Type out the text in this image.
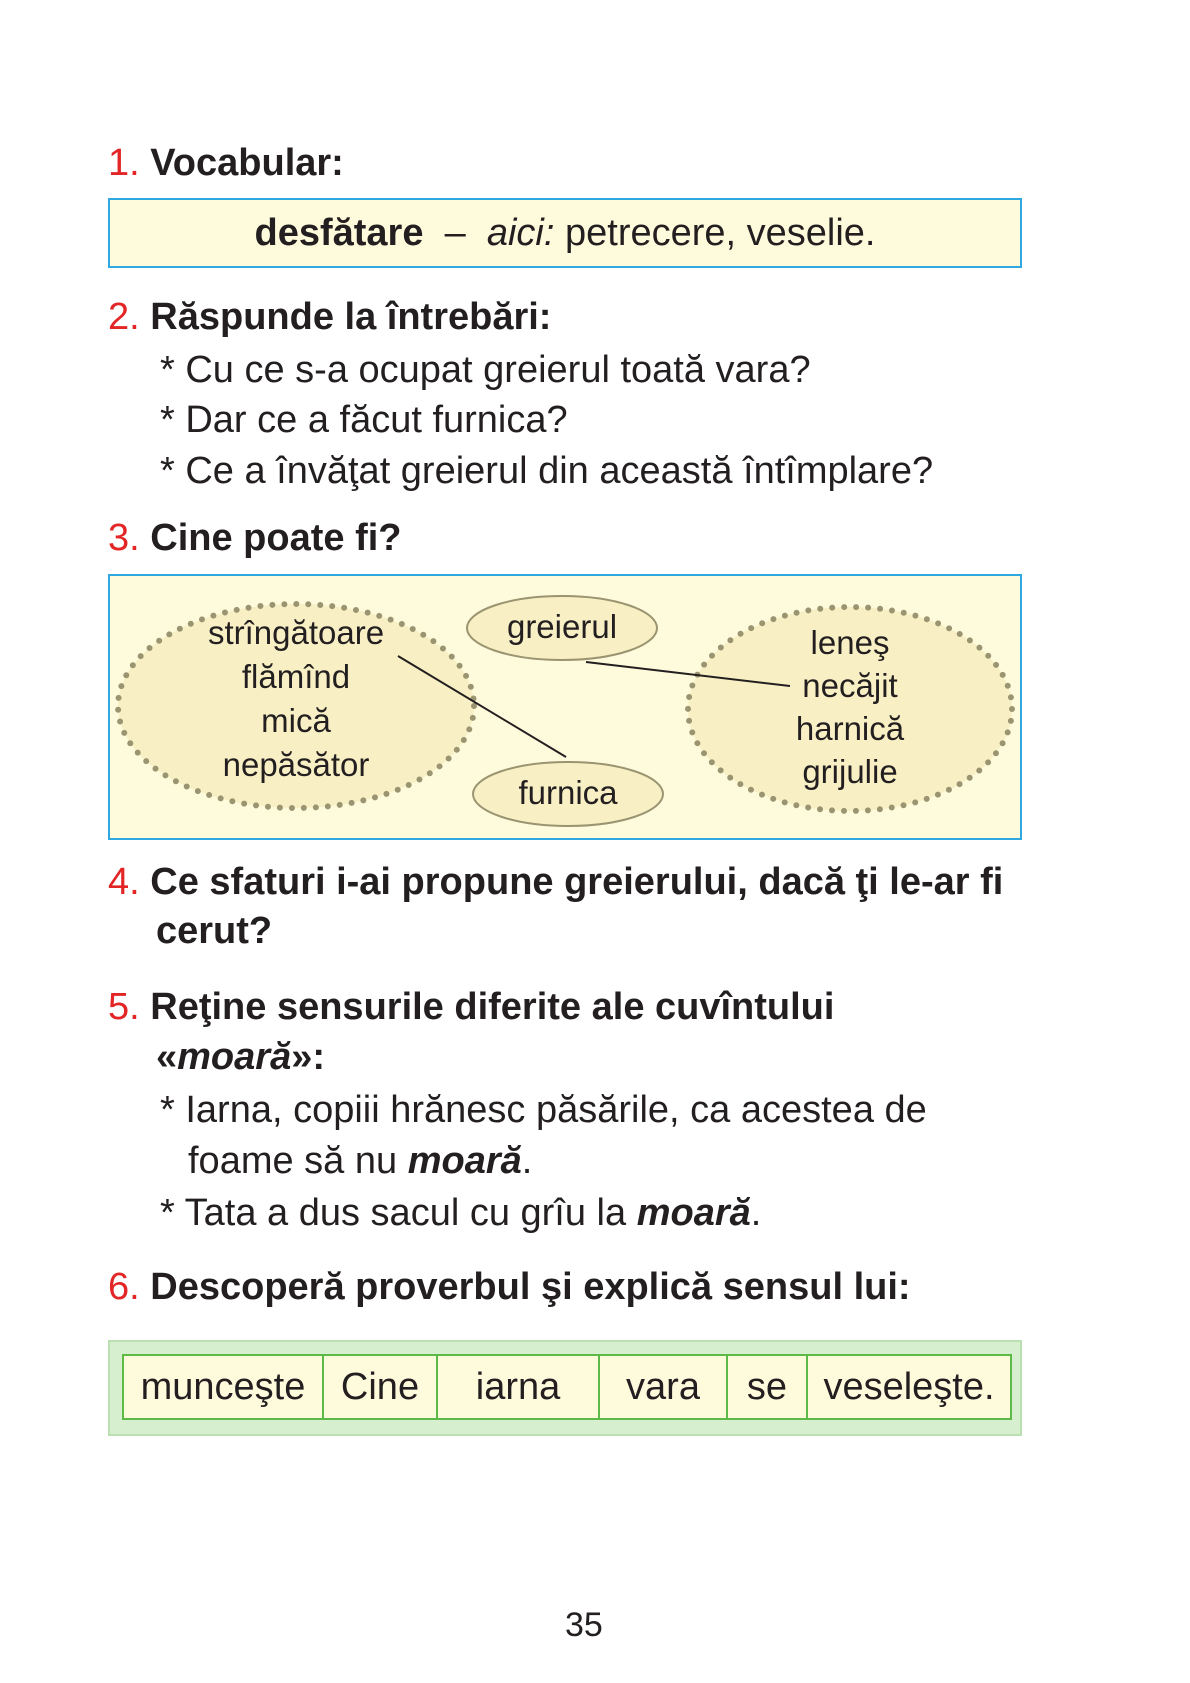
1. Vocabular:
desfătare – aici: petrecere, veselie.
2. Răspunde la întrebări:
* Cu ce s-a ocupat greierul toată vara?
* Dar ce a făcut furnica?
* Ce a învăţat greierul din această întîmplare?
3. Cine poate fi?
strîngătoare
flămînd
mică
nepăsător
greierul
furnica
leneş
necăjit
harnică
grijulie
4. Ce sfaturi i-ai propune greierului, dacă ţi le-ar fi
cerut?
5. Reţine sensurile diferite ale cuvîntului
«moară»:
* Iarna, copiii hrănesc păsările, ca acestea de
foame să nu moară.
* Tata a dus sacul cu grîu la moară.
6. Descoperă proverbul şi explică sensul lui:
munceşte Cine	iarna	vara	se veseleşte.
35
